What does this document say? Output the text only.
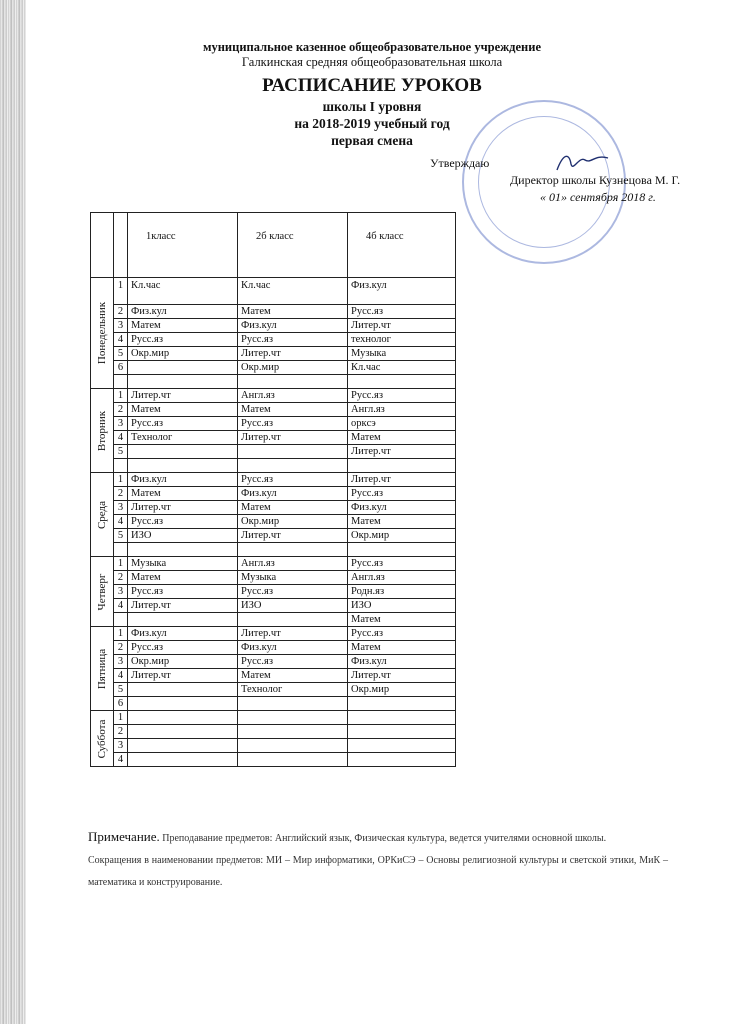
муниципальное казенное общеобразовательное учреждение
Галкинская средняя общеобразовательная школа
РАСПИСАНИЕ УРОКОВ
школы I уровня
на 2018-2019 учебный год
первая смена
Утверждаю
Директор школы Кузнецова М. Г.
« 01» сентября 2018 г.
		1класс	2б класс	4б класс

Понедельник	1	Кл.час	Кл.час	Физ.кул
	2	Физ.кул	Матем	Русс.яз
	3	Матем	Физ.кул	Литер.чт
	4	Русс.яз	Русс.яз	технолог
	5	Окр.мир	Литер.чт	Музыка
	6		Окр.мир	Кл.час

Вторник	1	Литер.чт	Англ.яз	Русс.яз
	2	Матем	Матем	Англ.яз
	3	Русс.яз	Русс.яз	оркcэ
	4	Технолог	Литер.чт	Матем
	5			Литер.чт

Среда	1	Физ.кул	Русс.яз	Литер.чт
	2	Матем	Физ.кул	Русс.яз
	3	Литер.чт	Матем	Физ.кул
	4	Русс.яз	Окр.мир	Матем
	5	ИЗО	Литер.чт	Окр.мир

Четверг	1	Музыка	Англ.яз	Русс.яз
	2	Матем	Музыка	Англ.яз
	3	Русс.яз	Русс.яз	Родн.яз
	4	Литер.чт	ИЗО	ИЗО
				Матем

Пятница	1	Физ.кул	Литер.чт	Русс.яз
	2	Русс.яз	Физ.кул	Матем
	3	Окр.мир	Русс.яз	Физ.кул
	4	Литер.чт	Матем	Литер.чт
	5		Технолог	Окр.мир
	6			

Суббота	1			
	2			
	3			
	4			

Примечание. Преподавание предметов: Английский язык, Физическая культура, ведется учителями основной школы.

Сокращения в наименовании предметов: МИ – Мир информатики, ОРКиСЭ – Основы религиозной культуры и светской этики, МиК – математика и конструирование.
